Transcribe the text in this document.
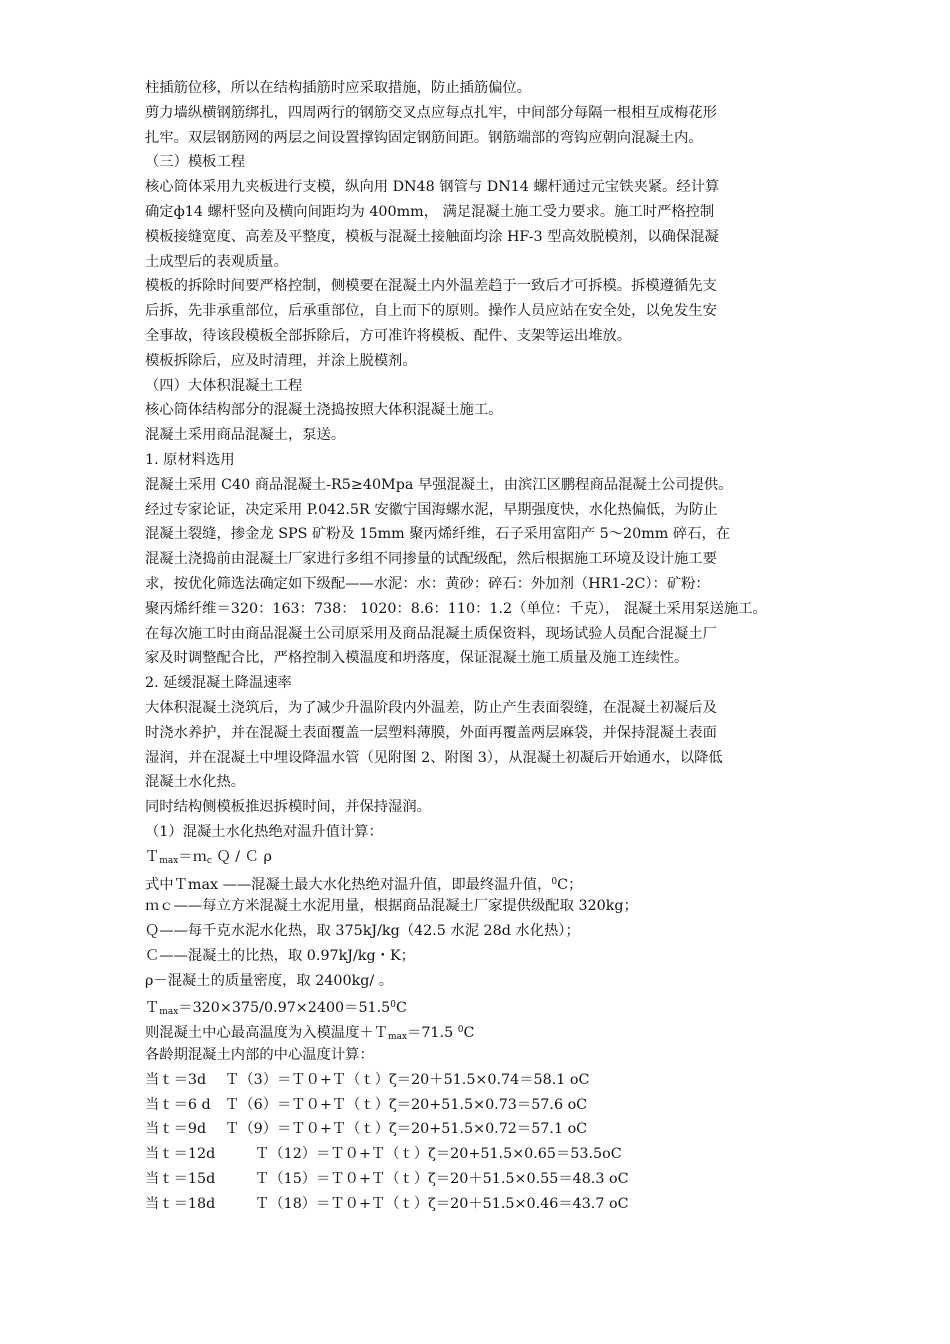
柱插筋位移，所以在结构插筋时应采取措施，防止插筋偏位。
剪力墙纵横钢筋绑扎，四周两行的钢筋交叉点应每点扎牢，中间部分每隔一根相互成梅花形
扎牢。双层钢筋网的两层之间设置撑钩固定钢筋间距。钢筋端部的弯钩应朝向混凝土内。
（三）模板工程
核心筒体采用九夹板进行支模，纵向用 DN48 钢管与 DN14 螺杆通过元宝铁夹紧。经计算
确定ф14 螺杆竖向及横向间距均为 400mm， 满足混凝土施工受力要求。施工时严格控制
模板接缝宽度、高差及平整度，模板与混凝土接触面均涂 HF-3 型高效脱模剂，以确保混凝
土成型后的表观质量。
模板的拆除时间要严格控制，侧模要在混凝土内外温差趋于一致后才可拆模。拆模遵循先支
后拆，先非承重部位，后承重部位，自上而下的原则。操作人员应站在安全处，以免发生安
全事故，待该段模板全部拆除后，方可准许将模板、配件、支架等运出堆放。
模板拆除后，应及时清理，并涂上脱模剂。
（四）大体积混凝土工程
核心筒体结构部分的混凝土浇捣按照大体积混凝土施工。
混凝土采用商品混凝土，泵送。
1. 原材料选用
混凝土采用 C40 商品混凝土-R5≥40Mpa 早强混凝土，由滨江区鹏程商品混凝土公司提供。
经过专家论证，决定采用 P.042.5R 安徽宁国海螺水泥，早期强度快，水化热偏低，为防止
混凝土裂缝，掺金龙 SPS 矿粉及 15mm 聚丙烯纤维，石子采用富阳产 5～20mm 碎石，在
混凝土浇捣前由混凝土厂家进行多组不同掺量的试配级配，然后根据施工环境及设计施工要
求，按优化筛选法确定如下级配——水泥：水：黄砂：碎石：外加剂（HR1-2C）：矿粉：
聚丙烯纤维＝320：163：738： 1020：8.6：110：1.2（单位：千克）， 混凝土采用泵送施工。
在每次施工时由商品混凝土公司原采用及商品混凝土质保资料，现场试验人员配合混凝土厂
家及时调整配合比，严格控制入模温度和坍落度，保证混凝土施工质量及施工连续性。
2. 延缓混凝土降温速率
大体积混凝土浇筑后，为了减少升温阶段内外温差，防止产生表面裂缝，在混凝土初凝后及
时浇水养护，并在混凝土表面覆盖一层塑料薄膜，外面再覆盖两层麻袋，并保持混凝土表面
湿润，并在混凝土中埋设降温水管（见附图 2、附图 3），从混凝土初凝后开始通水，以降低
混凝土水化热。
同时结构侧模板推迟拆模时间，并保持湿润。
（1）混凝土水化热绝对温升值计算：
Ｔ$_{max}$＝ｍ$_c$ Ｑ / Ｃ ρ
式中Ｔmax ——混凝土最大水化热绝对温升值，即最终温升值，$^0$C；
ｍｃ——每立方米混凝土水泥用量，根据商品混凝土厂家提供级配取 320kg；
Ｑ——每千克水泥水化热，取 375kJ/kg（42.5 水泥 28d 水化热）；
Ｃ——混凝土的比热，取 0.97kJ/kg・K；
ρ－混凝土的质量密度，取 2400kg/ 。
$T_{max}=320\times 375/0.97\times 2400=51.5^0C$
则混凝土中心最高温度为入模温度＋Ｔ$_{max}$＝71.5 $^0$C
各龄期混凝土内部的中心温度计算：
当ｔ＝3d Ｔ（3）＝Ｔ０+Ｔ（ｔ）ζ＝20＋51.5×0.74＝58.1 oC
当ｔ＝6 d Ｔ（6）＝Ｔ０+Ｔ（ｔ）ζ＝20+51.5×0.73＝57.6 oC
当ｔ＝9d Ｔ（9）＝Ｔ０+Ｔ（ｔ）ζ＝20+51.5×0.72＝57.1 oC
当ｔ＝12d	Ｔ（12）＝Ｔ０+Ｔ（ｔ）ζ＝20+51.5×0.65＝53.5oC
当ｔ＝15d	Ｔ（15）＝Ｔ０+Ｔ（ｔ）ζ＝20＋51.5×0.55＝48.3 oC
当ｔ＝18d	Ｔ（18）＝Ｔ０+Ｔ（ｔ）ζ＝20＋51.5×0.46＝43.7 oC
